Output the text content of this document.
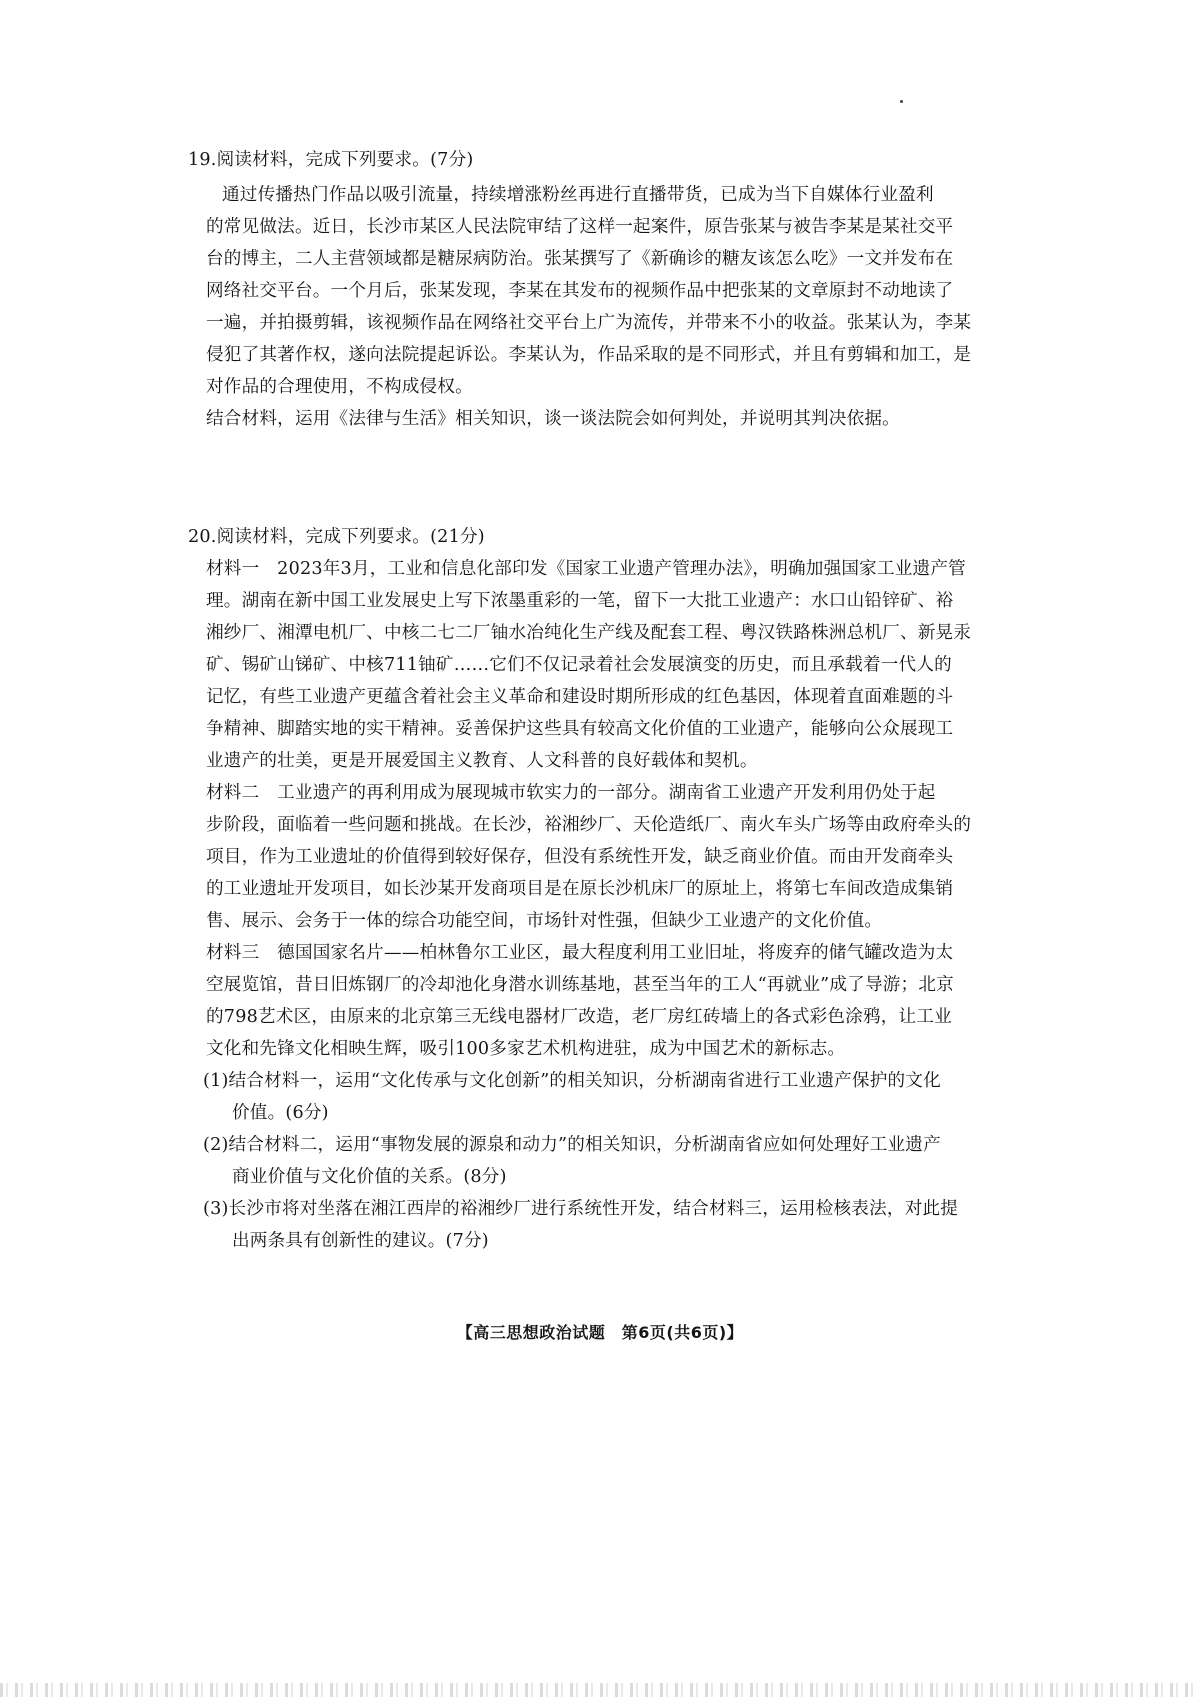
19.阅读材料，完成下列要求。(7分)
通过传播热门作品以吸引流量，持续增涨粉丝再进行直播带货，已成为当下自媒体行业盈利
的常见做法。近日，长沙市某区人民法院审结了这样一起案件，原告张某与被告李某是某社交平
台的博主，二人主营领域都是糖尿病防治。张某撰写了《新确诊的糖友该怎么吃》一文并发布在
网络社交平台。一个月后，张某发现，李某在其发布的视频作品中把张某的文章原封不动地读了
一遍，并拍摄剪辑，该视频作品在网络社交平台上广为流传，并带来不小的收益。张某认为，李某
侵犯了其著作权，遂向法院提起诉讼。李某认为，作品采取的是不同形式，并且有剪辑和加工，是
对作品的合理使用，不构成侵权。
结合材料，运用《法律与生活》相关知识，谈一谈法院会如何判处，并说明其判决依据。
20.阅读材料，完成下列要求。(21分)
材料一　2023年3月，工业和信息化部印发《国家工业遗产管理办法》，明确加强国家工业遗产管
理。湖南在新中国工业发展史上写下浓墨重彩的一笔，留下一大批工业遗产：水口山铅锌矿、裕
湘纱厂、湘潭电机厂、中核二七二厂铀水冶纯化生产线及配套工程、粤汉铁路株洲总机厂、新晃汞
矿、锡矿山锑矿、中核711铀矿……它们不仅记录着社会发展演变的历史，而且承载着一代人的
记忆，有些工业遗产更蕴含着社会主义革命和建设时期所形成的红色基因，体现着直面难题的斗
争精神、脚踏实地的实干精神。妥善保护这些具有较高文化价值的工业遗产，能够向公众展现工
业遗产的壮美，更是开展爱国主义教育、人文科普的良好载体和契机。
材料二　工业遗产的再利用成为展现城市软实力的一部分。湖南省工业遗产开发利用仍处于起
步阶段，面临着一些问题和挑战。在长沙，裕湘纱厂、天伦造纸厂、南火车头广场等由政府牵头的
项目，作为工业遗址的价值得到较好保存，但没有系统性开发，缺乏商业价值。而由开发商牵头
的工业遗址开发项目，如长沙某开发商项目是在原长沙机床厂的原址上，将第七车间改造成集销
售、展示、会务于一体的综合功能空间，市场针对性强，但缺少工业遗产的文化价值。
材料三　德国国家名片——柏林鲁尔工业区，最大程度利用工业旧址，将废弃的储气罐改造为太
空展览馆，昔日旧炼钢厂的冷却池化身潜水训练基地，甚至当年的工人“再就业”成了导游；北京
的798艺术区，由原来的北京第三无线电器材厂改造，老厂房红砖墙上的各式彩色涂鸦，让工业
文化和先锋文化相映生辉，吸引100多家艺术机构进驻，成为中国艺术的新标志。
(1)结合材料一，运用“文化传承与文化创新”的相关知识，分析湖南省进行工业遗产保护的文化
价值。(6分)
(2)结合材料二，运用“事物发展的源泉和动力”的相关知识，分析湖南省应如何处理好工业遗产
商业价值与文化价值的关系。(8分)
(3)长沙市将对坐落在湘江西岸的裕湘纱厂进行系统性开发，结合材料三，运用检核表法，对此提
出两条具有创新性的建议。(7分)
【高三思想政治试题　第6页(共6页)】
